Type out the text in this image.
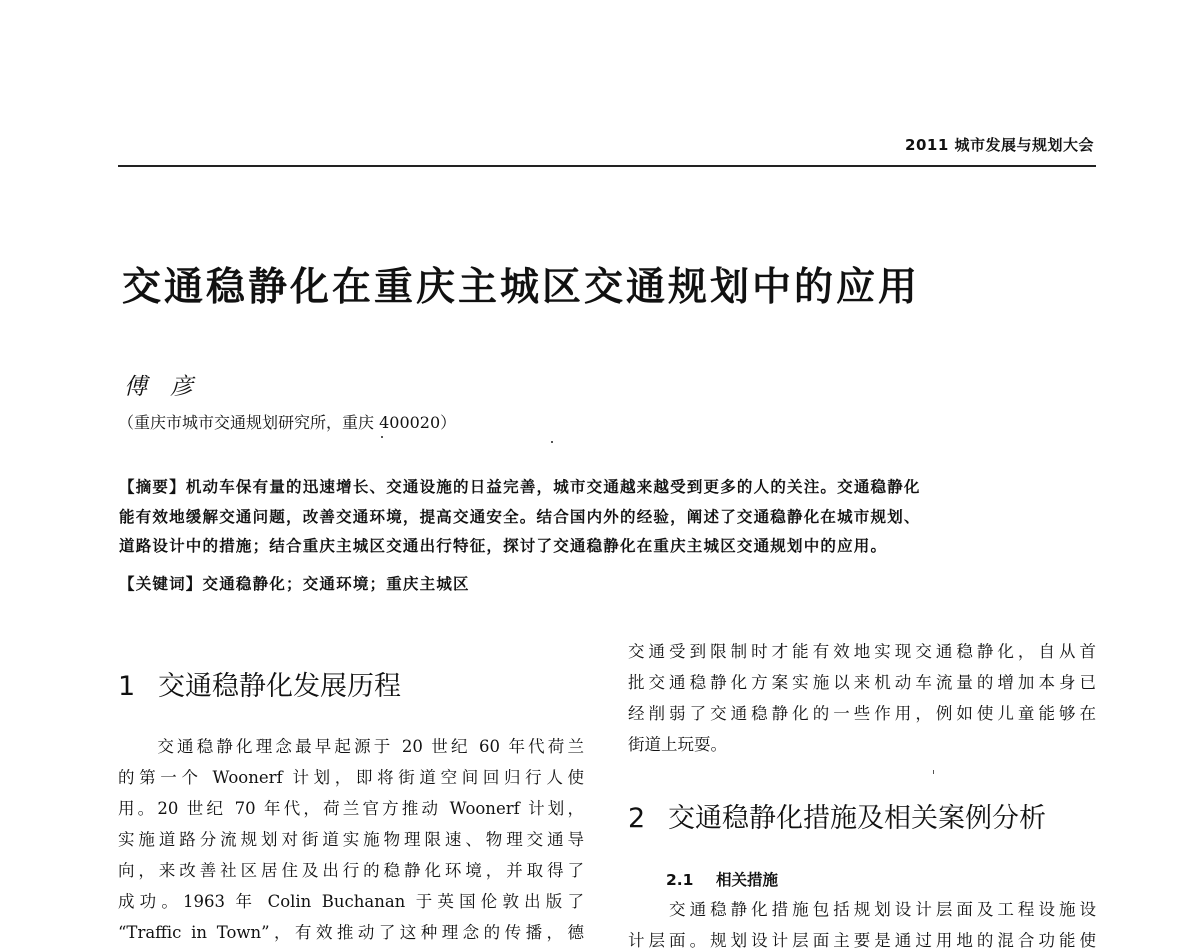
2011 城市发展与规划大会
交通稳静化在重庆主城区交通规划中的应用
傅　彦
（重庆市城市交通规划研究所，重庆 400020）
【摘要】机动车保有量的迅速增长、交通设施的日益完善，城市交通越来越受到更多的人的关注。交通稳静化
能有效地缓解交通问题，改善交通环境，提高交通安全。结合国内外的经验，阐述了交通稳静化在城市规划、
道路设计中的措施；结合重庆主城区交通出行特征，探讨了交通稳静化在重庆主城区交通规划中的应用。
【关键词】交通稳静化；交通环境；重庆主城区
1 交通稳静化发展历程
　　交通稳静化理念最早起源于 20 世纪 60 年代荷兰
的第一个 Woonerf 计划，即将街道空间回归行人使
用。20 世纪 70 年代，荷兰官方推动 Woonerf 计划，
实施道路分流规划对街道实施物理限速、物理交通导
向，来改善社区居住及出行的稳静化环境，并取得了
成功。1963 年 Colin Buchanan 于英国伦敦出版了
“Traffic in Town”，有效推动了这种理念的传播，德
交通受到限制时才能有效地实现交通稳静化，自从首
批交通稳静化方案实施以来机动车流量的增加本身已
经削弱了交通稳静化的一些作用，例如使儿童能够在
街道上玩耍。
2 交通稳静化措施及相关案例分析
2.1 相关措施
　　交通稳静化措施包括规划设计层面及工程设施设
计层面。规划设计层面主要是通过用地的混合功能使
